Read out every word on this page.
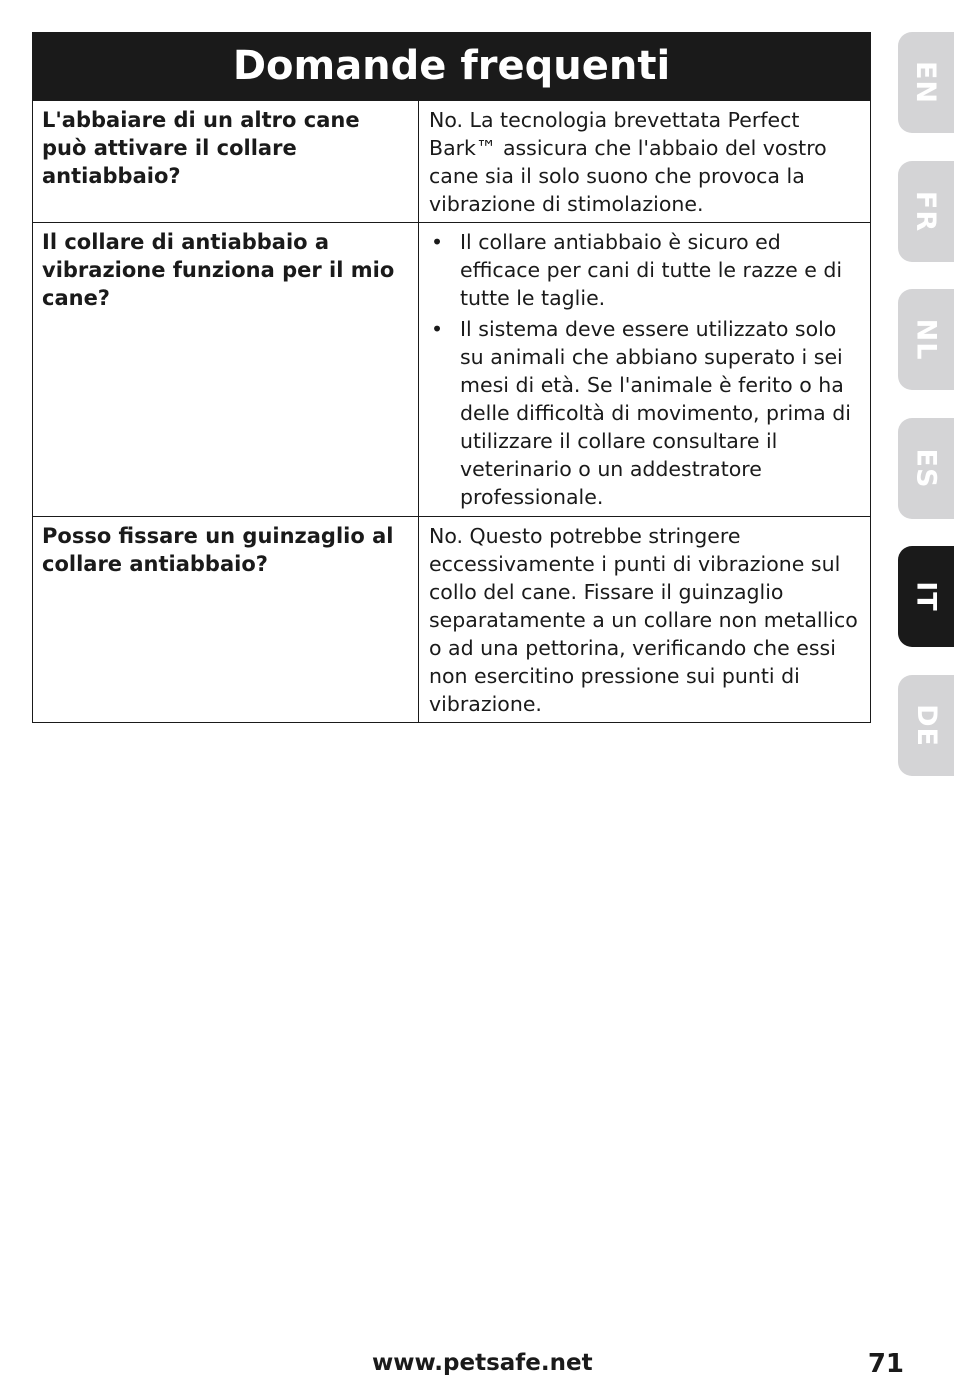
Domande frequenti
L'abbaiare di un altro cane può attivare il collare antiabbaio?
No. La tecnologia brevettata Perfect Bark™ assicura che l'abbaio del vostro cane sia il solo suono che provoca la vibrazione di stimolazione.
Il collare di antiabbaio a vibrazione funziona per il mio cane?
• Il collare antiabbaio è sicuro ed efficace per cani di tutte le razze e di tutte le taglie.
• Il sistema deve essere utilizzato solo su animali che abbiano superato i sei mesi di età. Se l'animale è ferito o ha delle difficoltà di movimento, prima di utilizzare il collare consultare il veterinario o un addestratore professionale.
Posso fissare un guinzaglio al collare antiabbaio?
No. Questo potrebbe stringere eccessivamente i punti di vibrazione sul collo del cane. Fissare il guinzaglio separatamente a un collare non metallico o ad una pettorina, verificando che essi non esercitino pressione sui punti di vibrazione.
EN
FR
NL
ES
IT
DE
www.petsafe.net	71
